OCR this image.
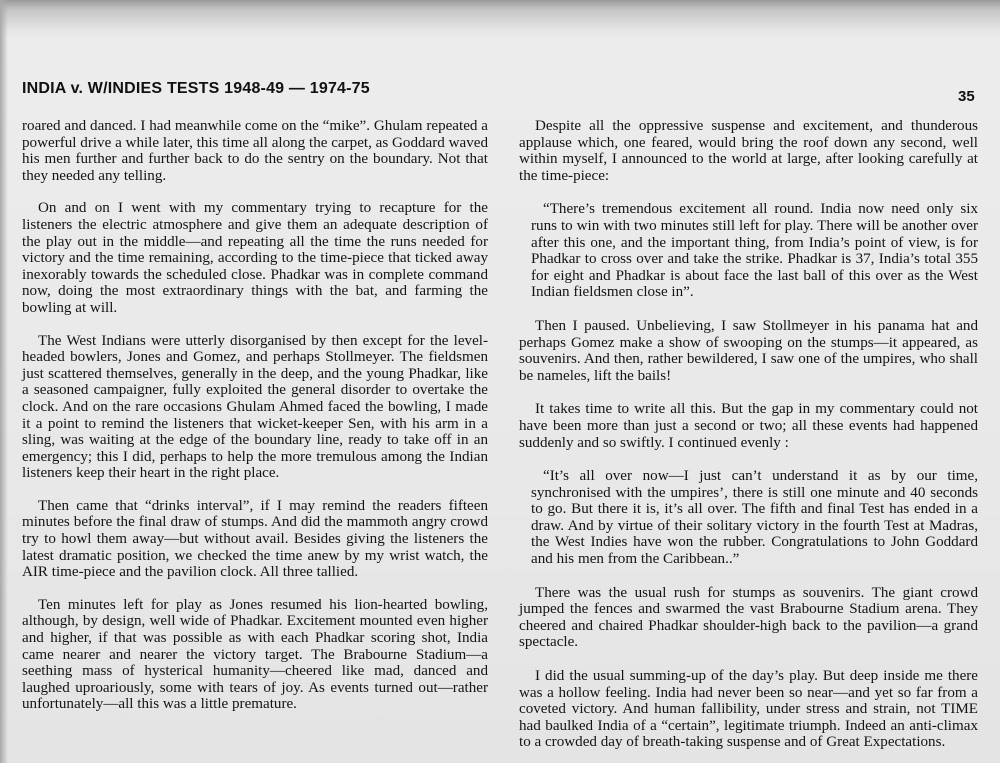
INDIA v. W/INDIES TESTS 1948-49 — 1974-75	35

roared and danced. I had meanwhile come on the “mike”. Ghulam repeated a powerful drive a while later, this time all along the carpet, as Goddard waved his men further and further back to do the sentry on the boundary. Not that they needed any telling.

On and on I went with my commentary trying to recapture for the listeners the electric atmosphere and give them an adequate description of the play out in the middle—and repeating all the time the runs needed for victory and the time remaining, according to the time-piece that ticked away inexorably towards the scheduled close. Phadkar was in complete command now, doing the most extraordinary things with the bat, and farming the bowling at will.

The West Indians were utterly disorganised by then except for the level-headed bowlers, Jones and Gomez, and perhaps Stollmeyer. The fieldsmen just scattered themselves, generally in the deep, and the young Phadkar, like a seasoned campaigner, fully exploited the general disorder to overtake the clock. And on the rare occasions Ghulam Ahmed faced the bowling, I made it a point to remind the listeners that wicket-keeper Sen, with his arm in a sling, was waiting at the edge of the boundary line, ready to take off in an emergency; this I did, perhaps to help the more tremulous among the Indian listeners keep their heart in the right place.

Then came that “drinks interval”, if I may remind the readers fifteen minutes before the final draw of stumps. And did the mammoth angry crowd try to howl them away—but without avail. Besides giving the listeners the latest dramatic position, we checked the time anew by my wrist watch, the AIR time-piece and the pavilion clock. All three tallied.

Ten minutes left for play as Jones resumed his lion-hearted bowling, although, by design, well wide of Phadkar. Excitement mounted even higher and higher, if that was possible as with each Phadkar scoring shot, India came nearer and nearer the victory target. The Brabourne Stadium—a seething mass of hysterical humanity—cheered like mad, danced and laughed uproariously, some with tears of joy. As events turned out—rather unfortunately—all this was a little premature.

Despite all the oppressive suspense and excitement, and thunderous applause which, one feared, would bring the roof down any second, well within myself, I announced to the world at large, after looking carefully at the time-piece:

“There’s tremendous excitement all round. India now need only six runs to win with two minutes still left for play. There will be another over after this one, and the important thing, from India’s point of view, is for Phadkar to cross over and take the strike. Phadkar is 37, India’s total 355 for eight and Phadkar is about face the last ball of this over as the West Indian fieldsmen close in”.

Then I paused. Unbelieving, I saw Stollmeyer in his panama hat and perhaps Gomez make a show of swooping on the stumps—it appeared, as souvenirs. And then, rather bewildered, I saw one of the umpires, who shall be nameles, lift the bails!

It takes time to write all this. But the gap in my commentary could not have been more than just a second or two; all these events had happened suddenly and so swiftly. I continued evenly :

“It’s all over now—I just can’t understand it as by our time, synchronised with the umpires’, there is still one minute and 40 seconds to go. But there it is, it’s all over. The fifth and final Test has ended in a draw. And by virtue of their solitary victory in the fourth Test at Madras, the West Indies have won the rubber. Congratulations to John Goddard and his men from the Caribbean..”

There was the usual rush for stumps as souvenirs. The giant crowd jumped the fences and swarmed the vast Brabourne Stadium arena. They cheered and chaired Phadkar shoulder-high back to the pavilion—a grand spectacle.

I did the usual summing-up of the day’s play. But deep inside me there was a hollow feeling. India had never been so near—and yet so far from a coveted victory. And human fallibility, under stress and strain, not TIME had baulked India of a “certain”, legitimate triumph. Indeed an anti-climax to a crowded day of breath-taking suspense and of Great Expectations.
